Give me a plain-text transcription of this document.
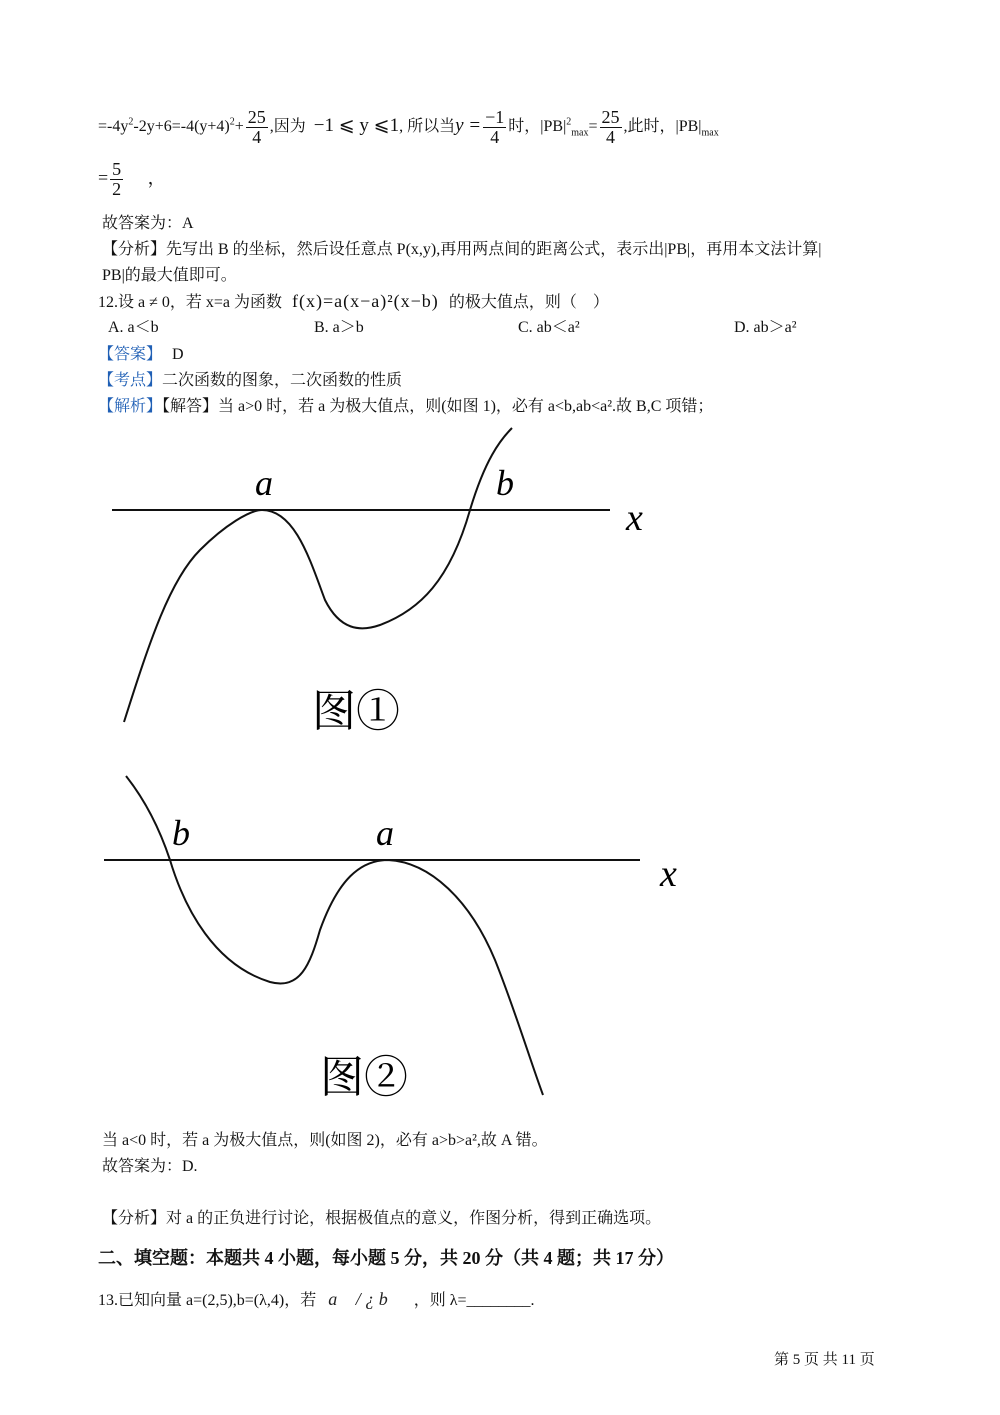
$=-4y^2-2y+6=-4(y+4)^2+ \frac{25}{4}$ ,因为 −1 ⩽ y ⩽1, 所以当$y = \frac{-1}{4}$ 时，$|PB|^2_{max}= \frac{25}{4}$ ,此时，$|PB|_{max}$
= $\frac{5}{2}$ ，
故答案为：A
【分析】先写出 B 的坐标，然后设任意点 P(x,y),再用两点间的距离公式，表示出|PB|，再用本文法计算|
PB|的最大值即可。
12.设 a ≠ 0，若 x=a 为函数 f(x)=a(x−a)²(x−b) 的极大值点，则（　）
A. a＜b	B. a＞b	C. ab＜a²	D. ab＞a²
【答案】 D
【考点】二次函数的图象，二次函数的性质
【解析】【解答】当 a>0 时，若 a 为极大值点，则(如图 1)，必有 a<b,ab<a².故 B,C 项错；
a	b
x
图①
b	a
x
图②
当 a<0 时，若 a 为极大值点，则(如图 2)，必有 a>b>a²,故 A 错。
故答案为：D.
【分析】对 a 的正负进行讨论，根据极值点的意义，作图分析，得到正确选项。
二、填空题：本题共 4 小题，每小题 5 分，共 20 分（共 4 题；共 17 分）
13.已知向量 a=(2,5),b=(λ,4)，若 a⃗ / ¿ b⃗ ，则 λ=________.
第 5 页 共 11 页
